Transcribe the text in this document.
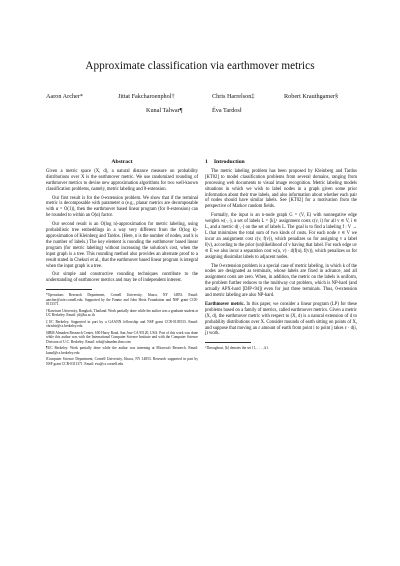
Approximate classification via earthmover metrics
Aaron Archer*	Jittat Fakcharoenphol†	Chris Harrelson‡	Robert Krauthgamer§
Kunal Talwar¶	Éva Tardos‖
Abstract

Given a metric space (X, d), a natural distance measure on probability distributions over X is the earthmover metric. We use randomized rounding of earthmover metrics to devise new approximation algorithms for two well-known classification problems, namely, metric labeling and 0-extension.

Our first result is for the 0-extension problem. We show that if the terminal metric is decomposable with parameter α (e.g., planar metrics are decomposable with α = O(1)), then the earthmover based linear program (for 0-extension) can be rounded to within an O(α) factor.

Our second result is an O(log n)-approximation for metric labeling, using probabilistic tree embeddings in a way very different from the O(log k)-approximation of Kleinberg and Tardos. (Here, n is the number of nodes, and k is the number of labels.) The key element is rounding the earthmover based linear program (for metric labeling) without increasing the solution's cost, when the input graph is a tree. This rounding method also provides an alternate proof to a result stated in Chekuri et al., that the earthmover based linear program is integral when the input graph is a tree.

Our simple and constructive rounding techniques contribute to the understanding of earthmover metrics and may be of independent interest.

*Operations Research Department, Cornell University, Ithaca, NY 14853. Email: aarcher@orie.cornell.edu. Supported by the Fannie and John Hertz Foundation and NSF grant CCR-0113371.

†Kasetsart University, Bangkok, Thailand. Work partially done while the author was a graduate student at UC Berkeley. Email: jtf@ku.ac.th

‡UC Berkeley. Supported in part by a GAANN fellowship and NSF grant CCR-0105533. Email: chrishtr@cs.berkeley.edu

§IBM Almaden Research Center, 650 Harry Road, San Jose CA 95120, USA. Part of this work was done while this author was with the International Computer Science Institute and with the Computer Science Division of U.C. Berkeley. Email: robi@almaden.ibm.com

¶UC Berkeley. Work partially done while the author was interning at Microsoft Research. Email: kunal@cs.berkeley.edu

‖Computer Science Department, Cornell University, Ithaca, NY 14853. Research supported in part by NSF grant CCR-0311371. Email: eva@cs.cornell.edu

1 Introduction

The metric labeling problem has been proposed by Kleinberg and Tardos [KT02] to model classification problems from several domains, ranging from processing web documents to visual image recognition. Metric labeling models situations in which we wish to label nodes in a graph given some prior information about their true labels, and also information about whether each pair of nodes should have similar labels. See [KT02] for a motivation from the perspective of Markov random fields.

Formally, the input is an n-node graph G = (V, E) with nonnegative edge weights w(·,·), a set of labels L = [k],¹ assignment costs c(v, i) for all v ∈ V, i ∈ L, and a metric d(·,·) on the set of labels L. The goal is to find a labeling f : V → L that minimizes the total sum of two kinds of costs. For each node v ∈ V we incur an assignment cost c(v, f(v)), which penalizes us for assigning v a label f(v), according to the prior (un)likelihood of v having that label. For each edge uv ∈ E we also incur a separation cost w(u, v) · d(f(u), f(v)), which penalizes us for assigning dissimilar labels to adjacent nodes.

The 0-extension problem is a special case of metric labeling, in which k of the nodes are designated as terminals, whose labels are fixed in advance, and all assignment costs are zero. When, in addition, the metric on the labels is uniform, the problem further reduces to the multiway cut problem, which is NP-hard (and actually APX-hard [DJP+94]) even for just three terminals. Thus, 0-extension and metric labeling are also NP-hard.

Earthmover metric. In this paper, we consider a linear program (LP) for these problems based on a family of metrics, called earthmover metrics. Given a metric (X, d), the earthmover metric with respect to (X, d) is a natural extension of d to probability distributions over X. Consider mounds of earth sitting on points of X, and suppose that moving an ε amount of earth from point i to point j takes ε · d(i, j) work.

¹Throughout, [k] denotes the set {1, . . . , k}.
